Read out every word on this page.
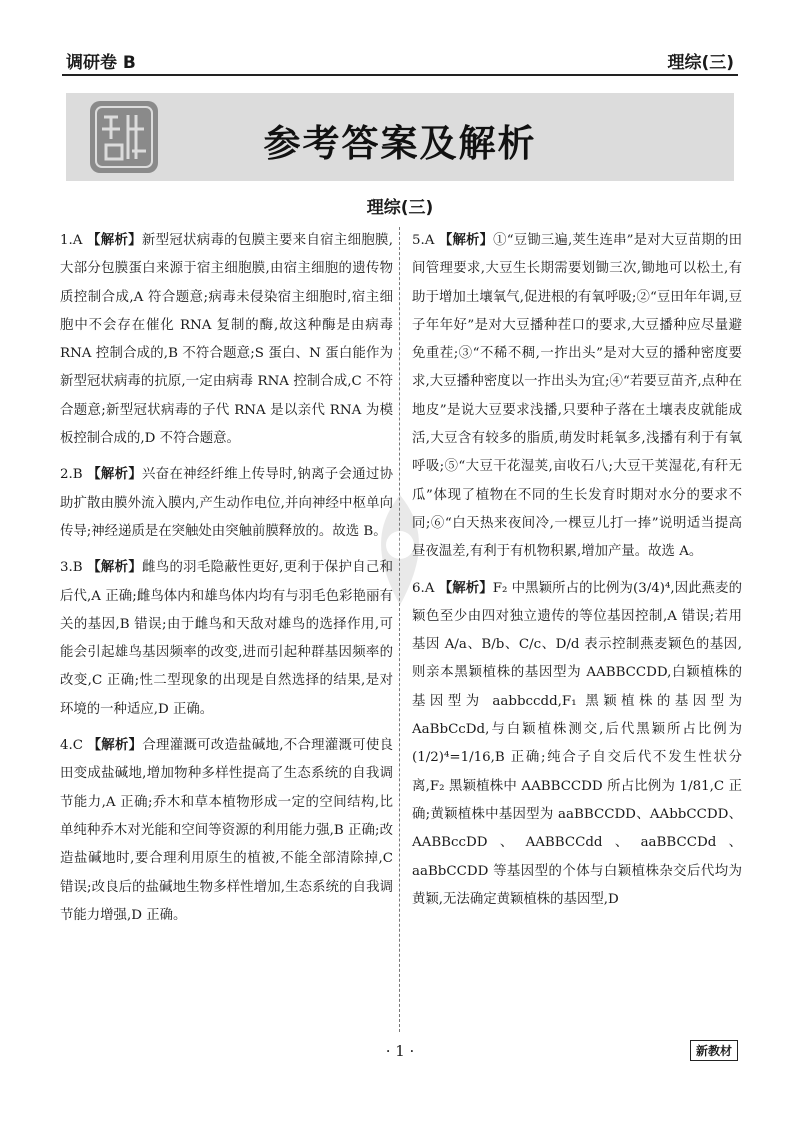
调研卷 B	理综(三)
参考答案及解析
理综(三)
1.A 【解析】新型冠状病毒的包膜主要来自宿主细胞膜,大部分包膜蛋白来源于宿主细胞膜,由宿主细胞的遗传物质控制合成,A 符合题意;病毒未侵染宿主细胞时,宿主细胞中不会存在催化 RNA 复制的酶,故这种酶是由病毒 RNA 控制合成的,B 不符合题意;S 蛋白、N 蛋白能作为新型冠状病毒的抗原,一定由病毒 RNA 控制合成,C 不符合题意;新型冠状病毒的子代 RNA 是以亲代 RNA 为模板控制合成的,D 不符合题意。
2.B 【解析】兴奋在神经纤维上传导时,钠离子会通过协助扩散由膜外流入膜内,产生动作电位,并向神经中枢单向传导;神经递质是在突触处由突触前膜释放的。故选 B。
3.B 【解析】雌鸟的羽毛隐蔽性更好,更利于保护自己和后代,A 正确;雌鸟体内和雄鸟体内均有与羽毛色彩艳丽有关的基因,B 错误;由于雌鸟和天敌对雄鸟的选择作用,可能会引起雄鸟基因频率的改变,进而引起种群基因频率的改变,C 正确;性二型现象的出现是自然选择的结果,是对环境的一种适应,D 正确。
4.C 【解析】合理灌溉可改造盐碱地,不合理灌溉可使良田变成盐碱地,增加物种多样性提高了生态系统的自我调节能力,A 正确;乔木和草本植物形成一定的空间结构,比单纯种乔木对光能和空间等资源的利用能力强,B 正确;改造盐碱地时,要合理利用原生的植被,不能全部清除掉,C 错误;改良后的盐碱地生物多样性增加,生态系统的自我调节能力增强,D 正确。
5.A 【解析】①“豆锄三遍,荚生连串”是对大豆苗期的田间管理要求,大豆生长期需要划锄三次,锄地可以松土,有助于增加土壤氧气,促进根的有氧呼吸;②“豆田年年调,豆子年年好”是对大豆播种茬口的要求,大豆播种应尽量避免重茬;③“不稀不稠,一拃出头”是对大豆的播种密度要求,大豆播种密度以一拃出头为宜;④“若要豆苗齐,点种在地皮”是说大豆要求浅播,只要种子落在土壤表皮就能成活,大豆含有较多的脂质,萌发时耗氧多,浅播有利于有氧呼吸;⑤“大豆干花湿荚,亩收石八;大豆干荚湿花,有秆无瓜”体现了植物在不同的生长发育时期对水分的要求不同;⑥“白天热来夜间冷,一棵豆儿打一捧”说明适当提高昼夜温差,有利于有机物积累,增加产量。故选 A。
6.A 【解析】F₂ 中黑颖所占的比例为(3/4)⁴,因此燕麦的颖色至少由四对独立遗传的等位基因控制,A 错误;若用基因 A/a、B/b、C/c、D/d 表示控制燕麦颖色的基因,则亲本黑颖植株的基因型为 AABBCCDD,白颖植株的基因型为 aabbccdd,F₁ 黑颖植株的基因型为 AaBbCcDd,与白颖植株测交,后代黑颖所占比例为(1/2)⁴=1/16,B 正确;纯合子自交后代不发生性状分离,F₂ 黑颖植株中 AABBCCDD 所占比例为 1/81,C 正确;黄颖植株中基因型为 aaBBCCDD、AAbbCCDD、AABBccDD、AABBCCdd、aaBBCCDd、aaBbCCDD 等基因型的个体与白颖植株杂交后代均为黄颖,无法确定黄颖植株的基因型,D
· 1 ·	新教材
